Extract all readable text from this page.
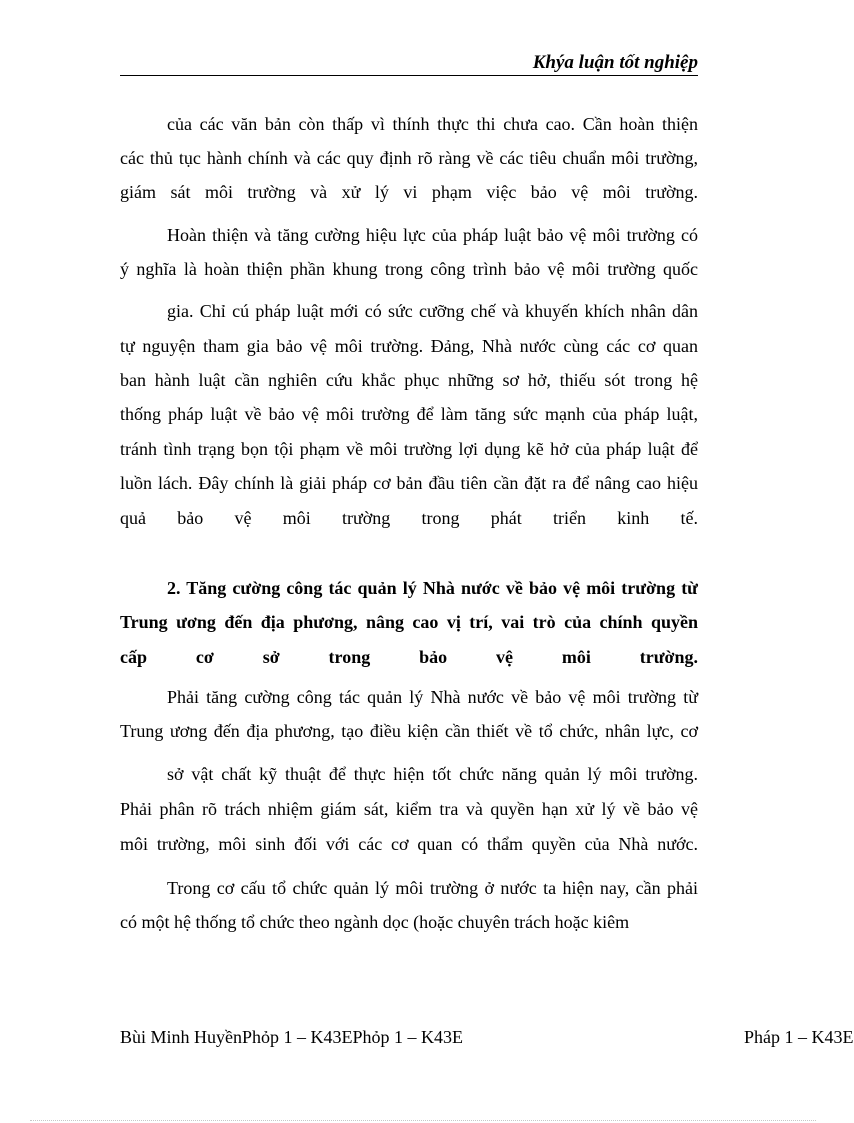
Khýa luận tốt nghiệp
của các văn bản còn thấp vì thính thực thi chưa cao. Cần hoàn thiện
các thủ tục hành chính và các quy định rõ ràng về các tiêu chuẩn môi trường,
giám sát môi trường và xử lý vi phạm việc bảo vệ môi trường.
Hoàn thiện và tăng cường hiệu lực của pháp luật bảo vệ môi trường có
ý nghĩa là hoàn thiện phần khung trong công trình bảo vệ môi trường quốc
gia. Chỉ cú pháp luật mới có sức cưỡng chế và khuyến khích nhân dân
tự nguyện tham gia bảo vệ môi trường. Đảng, Nhà nước cùng các cơ quan
ban hành luật cần nghiên cứu khắc phục những sơ hở, thiếu sót trong hệ
thống pháp luật về bảo vệ môi trường để làm tăng sức mạnh của pháp luật,
tránh tình trạng bọn tội phạm về môi trường lợi dụng kẽ hở của pháp luật để
luồn lách. Đây chính là giải pháp cơ bản đầu tiên cần đặt ra để nâng cao hiệu
quả bảo vệ môi trường trong phát triển kinh tế.
2. Tăng cường công tác quản lý Nhà nước về bảo vệ môi trường từ
Trung ương đến địa phương, nâng cao vị trí, vai trò của chính quyền
cấp cơ sở trong bảo vệ môi trường.
Phải tăng cường công tác quản lý Nhà nước về bảo vệ môi trường từ
Trung ương đến địa phương, tạo điều kiện cần thiết về tổ chức, nhân lực, cơ
sở vật chất kỹ thuật để thực hiện tốt chức năng quản lý môi trường.
Phải phân rõ trách nhiệm giám sát, kiểm tra và quyền hạn xử lý về bảo vệ
môi trường, môi sinh đối với các cơ quan có thẩm quyền của Nhà nước.
Trong cơ cấu tổ chức quản lý môi trường ở nước ta hiện nay, cần phải
có một hệ thống tổ chức theo ngành dọc (hoặc chuyên trách hoặc kiêm
Bùi Minh HuyềnPhỏp 1 – K43EPhỏp 1 – K43E	Pháp 1 – K43E
